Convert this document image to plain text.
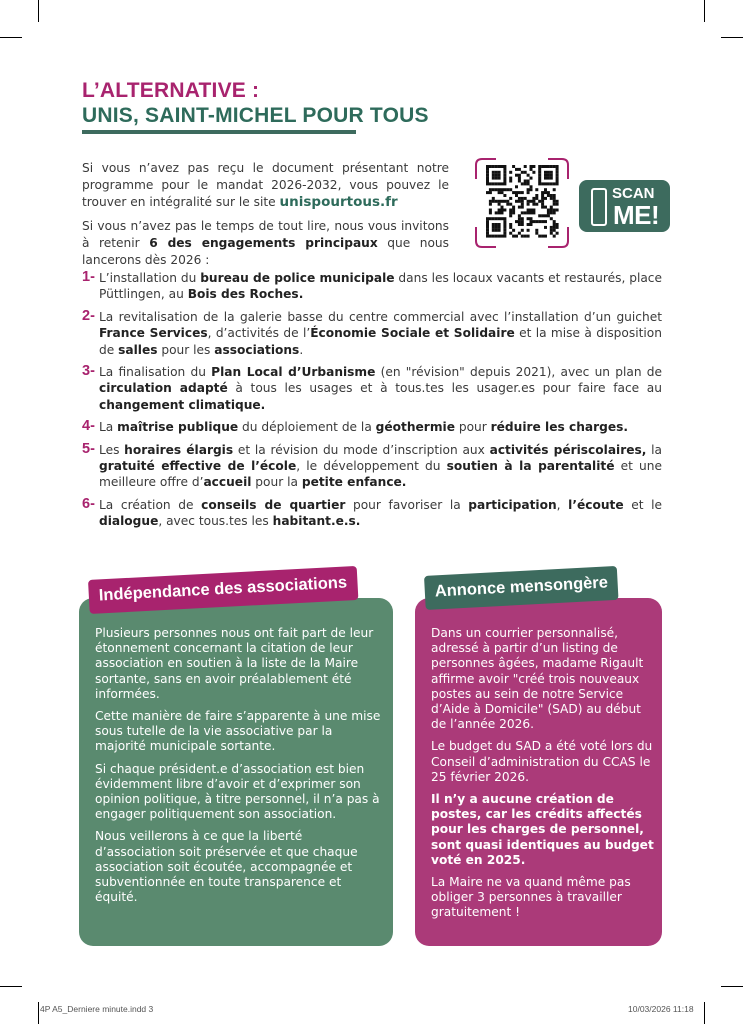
L’ALTERNATIVE :
UNIS, SAINT-MICHEL POUR TOUS

Si vous n’avez pas reçu le document présentant notre programme pour le mandat 2026-2032, vous pouvez le trouver en intégralité sur le site unispourtous.fr

Si vous n’avez pas le temps de tout lire, nous vous invitons à retenir 6 des engagements principaux que nous lancerons dès 2026 :

SCAN
ME!
1- L’installation du bureau de police municipale dans les locaux vacants et restaurés, place Püttlingen, au Bois des Roches.
2- La revitalisation de la galerie basse du centre commercial avec l’installation d’un guichet France Services, d’activités de l’Économie Sociale et Solidaire et la mise à disposition de salles pour les associations.
3- La finalisation du Plan Local d’Urbanisme (en "révision" depuis 2021), avec un plan de circulation adapté à tous les usages et à tous.tes les usager.es pour faire face au changement climatique.
4- La maîtrise publique du déploiement de la géothermie pour réduire les charges.
5- Les horaires élargis et la révision du mode d’inscription aux activités périscolaires, la gratuité effective de l’école, le développement du soutien à la parentalité et une meilleure offre d’accueil pour la petite enfance.
6- La création de conseils de quartier pour favoriser la participation, l’écoute et le dialogue, avec tous.tes les habitant.e.s.

Plusieurs personnes nous ont fait part de leur étonnement concernant la citation de leur association en soutien à la liste de la Maire sortante, sans en avoir préalablement été informées.

Cette manière de faire s’apparente à une mise sous tutelle de la vie associative par la majorité municipale sortante.

Si chaque président.e d’association est bien évidemment libre d’avoir et d’exprimer son opinion politique, à titre personnel, il n’a pas à engager politiquement son association.

Nous veillerons à ce que la liberté d’association soit préservée et que chaque association soit écoutée, accompagnée et subventionnée en toute transparence et équité.

Indépendance des associations

Dans un courrier personnalisé, adressé à partir d’un listing de personnes âgées, madame Rigault affirme avoir "créé trois nouveaux postes au sein de notre Service d’Aide à Domicile" (SAD) au début de l’année 2026.

Le budget du SAD a été voté lors du Conseil d’administration du CCAS le 25 février 2026.

Il n’y a aucune création de postes, car les crédits affectés pour les charges de personnel, sont quasi identiques au budget voté en 2025.

La Maire ne va quand même pas obliger 3 personnes à travailler gratuitement !

Annonce mensongère
4P A5_Derniere minute.indd 3	10/03/2026 11:18
